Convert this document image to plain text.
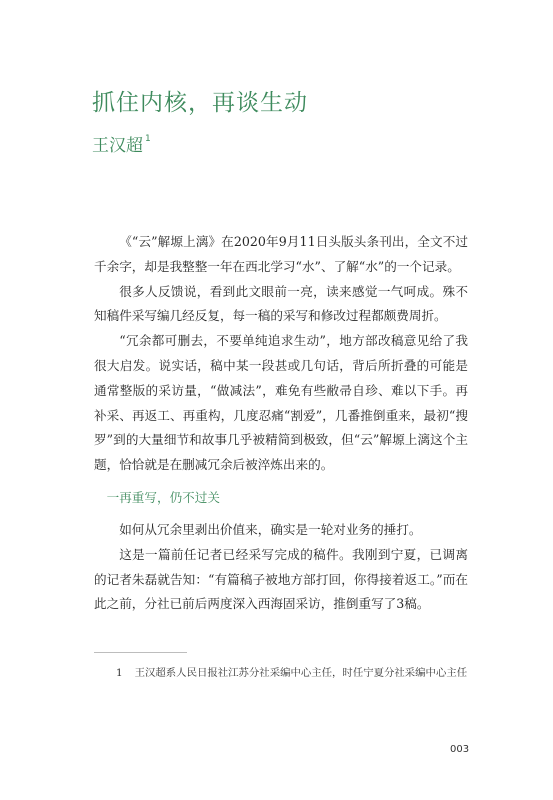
抓住内核，再谈生动
王汉超 $^1$

《“云”解塬上漓》在2020年9月11日头版头条刊出，全文不过千余字，却是我整整一年在西北学习“水”、了解“水”的一个记录。

很多人反馈说，看到此文眼前一亮，读来感觉一气呵成。殊不知稿件采写编几经反复，每一稿的采写和修改过程都颇费周折。

“冗余都可删去，不要单纯追求生动”，地方部改稿意见给了我很大启发。说实话，稿中某一段甚或几句话，背后所折叠的可能是通常整版的采访量，“做减法”，难免有些敝帚自珍、难以下手。再补采、再返工、再重构，几度忍痛“割爱”，几番推倒重来，最初“搜罗”到的大量细节和故事几乎被精简到极致，但“云”解塬上漓这个主题，恰恰就是在删减冗余后被淬炼出来的。

一再重写，仍不过关

如何从冗余里剥出价值来，确实是一轮对业务的捶打。

这是一篇前任记者已经采写完成的稿件。我刚到宁夏，已调离的记者朱磊就告知：“有篇稿子被地方部打回，你得接着返工。”而在此之前，分社已前后两度深入西海固采访，推倒重写了3稿。

1 王汉超系人民日报社江苏分社采编中心主任，时任宁夏分社采编中心主任
003
